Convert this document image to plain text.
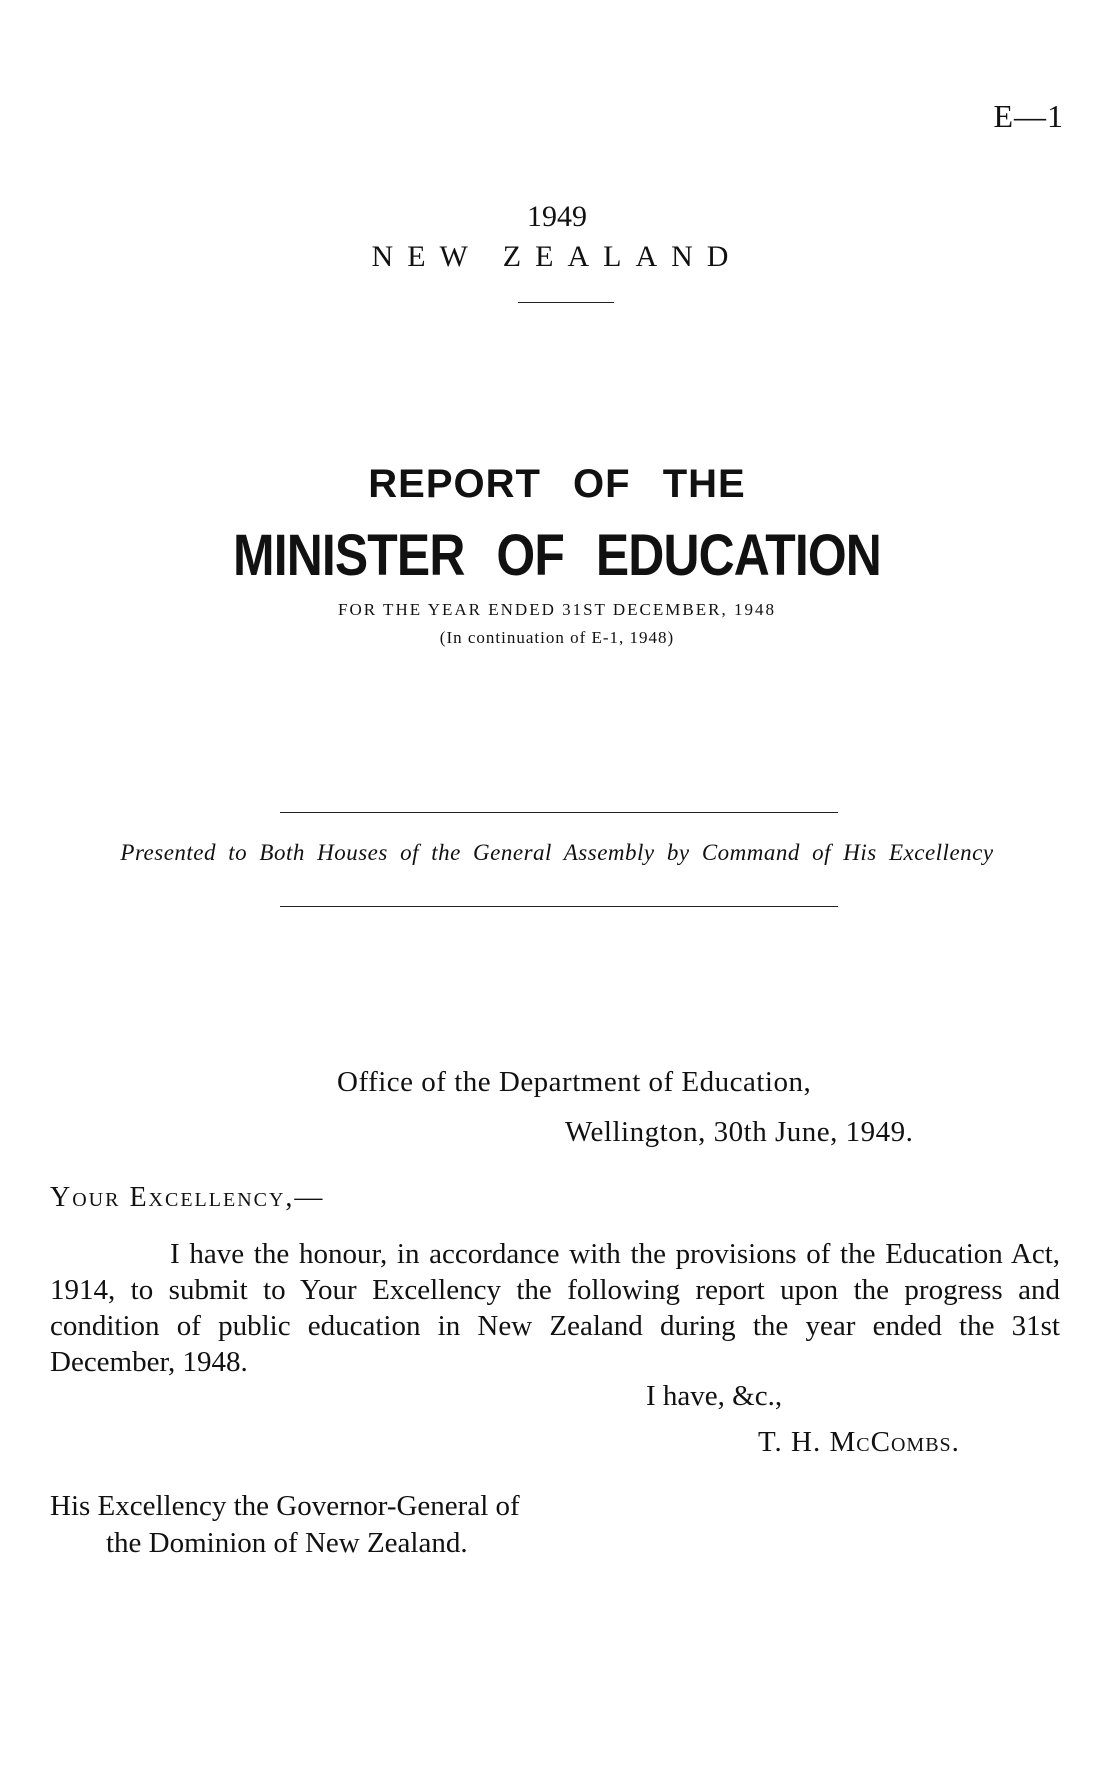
E—1
1949
NEW ZEALAND
REPORT OF THE
MINISTER OF EDUCATION
FOR THE YEAR ENDED 31ST DECEMBER, 1948
(In continuation of E-1, 1948)
Presented to Both Houses of the General Assembly by Command of His Excellency
Office of the Department of Education,
Wellington, 30th June, 1949.
Your Excellency,—

I have the honour, in accordance with the provisions of the Education Act, 1914, to submit to Your Excellency the following report upon the progress and condition of public education in New Zealand during the year ended the 31st December, 1948.

I have, &c.,
T. H. McCombs.
His Excellency the Governor-General of
the Dominion of New Zealand.
